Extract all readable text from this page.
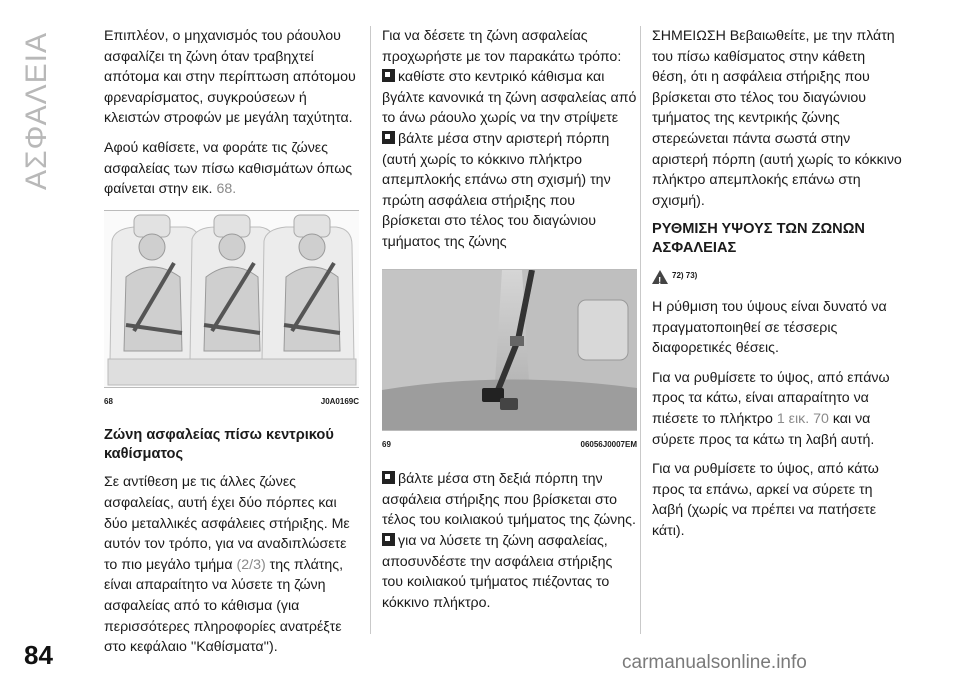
ΑΣΦΑΛΕΙΑ
84	carmanualsonline.info

Επιπλέον, ο μηχανισμός του ράουλου ασφαλίζει τη ζώνη όταν τραβηχτεί απότομα και στην περίπτωση απότομου φρεναρίσματος, συγκρούσεων ή κλειστών στροφών με μεγάλη ταχύτητα.

Αφού καθίσετε, να φοράτε τις ζώνες ασφαλείας των πίσω καθισμάτων όπως φαίνεται στην εικ. 68.

68	J0A0169C
Ζώνη ασφαλείας πίσω κεντρικού καθίσματος

Σε αντίθεση με τις άλλες ζώνες ασφαλείας, αυτή έχει δύο πόρπες και δύο μεταλλικές ασφάλειες στήριξης. Με αυτόν τον τρόπο, για να αναδιπλώσετε το πιο μεγάλο τμήμα (2/3) της πλάτης, είναι απαραίτητο να λύσετε τη ζώνη ασφαλείας από το κάθισμα (για περισσότερες πληροφορίες ανατρέξτε στο κεφάλαιο ''Καθίσματα'').

Για να δέσετε τη ζώνη ασφαλείας προχωρήστε με τον παρακάτω τρόπο:

καθίστε στο κεντρικό κάθισμα και βγάλτε κανονικά τη ζώνη ασφαλείας από το άνω ράουλο χωρίς να την στρίψετε

βάλτε μέσα στην αριστερή πόρπη (αυτή χωρίς το κόκκινο πλήκτρο απεμπλοκής επάνω στη σχισμή) την πρώτη ασφάλεια στήριξης που βρίσκεται στο τέλος του διαγώνιου τμήματος της ζώνης

69	06056J0007EM

βάλτε μέσα στη δεξιά πόρπη την ασφάλεια στήριξης που βρίσκεται στο τέλος του κοιλιακού τμήματος της ζώνης.

για να λύσετε τη ζώνη ασφαλείας, αποσυνδέστε την ασφάλεια στήριξης του κοιλιακού τμήματος πιέζοντας το κόκκινο πλήκτρο.

ΣΗΜΕΙΩΣΗ Βεβαιωθείτε, με την πλάτη του πίσω καθίσματος στην κάθετη θέση, ότι η ασφάλεια στήριξης που βρίσκεται στο τέλος του διαγώνιου τμήματος της κεντρικής ζώνης στερεώνεται πάντα σωστά στην αριστερή πόρπη (αυτή χωρίς το κόκκινο πλήκτρο απεμπλοκής επάνω στη σχισμή).

ΡΥΘΜΙΣΗ ΥΨΟΥΣ ΤΩΝ ΖΩΝΩΝ ΑΣΦΑΛΕΙΑΣ
!
72) 73)

Η ρύθμιση του ύψους είναι δυνατό να πραγματοποιηθεί σε τέσσερις διαφορετικές θέσεις.

Για να ρυθμίσετε το ύψος, από επάνω προς τα κάτω, είναι απαραίτητο να πιέσετε το πλήκτρο 1 εικ. 70 και να σύρετε προς τα κάτω τη λαβή αυτή.

Για να ρυθμίσετε το ύψος, από κάτω προς τα επάνω, αρκεί να σύρετε τη λαβή (χωρίς να πρέπει να πατήσετε κάτι).
